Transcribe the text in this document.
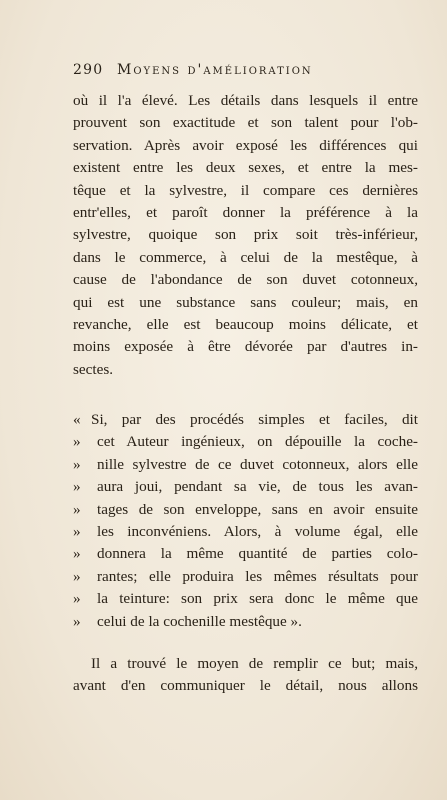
290 Moyens d'amélioration
où il l'a élevé. Les détails dans lesquels il entre
prouvent son exactitude et son talent pour l'ob-
servation. Après avoir exposé les différences qui
existent entre les deux sexes, et entre la mes-
têque et la sylvestre, il compare ces dernières
entr'elles, et paroît donner la préférence à la
sylvestre, quoique son prix soit très-inférieur,
dans le commerce, à celui de la mestêque, à
cause de l'abondance de son duvet cotonneux,
qui est une substance sans couleur; mais, en
revanche, elle est beaucoup moins délicate, et
moins exposée à être dévorée par d'autres in-
sectes.
« Si, par des procédés simples et faciles, dit
» cet Auteur ingénieux, on dépouille la coche-
» nille sylvestre de ce duvet cotonneux, alors elle
» aura joui, pendant sa vie, de tous les avan-
» tages de son enveloppe, sans en avoir ensuite
» les inconvéniens. Alors, à volume égal, elle
» donnera la même quantité de parties colo-
» rantes; elle produira les mêmes résultats pour
» la teinture: son prix sera donc le même que
» celui de la cochenille mestêque ».
Il a trouvé le moyen de remplir ce but; mais,
avant d'en communiquer le détail, nous allons
